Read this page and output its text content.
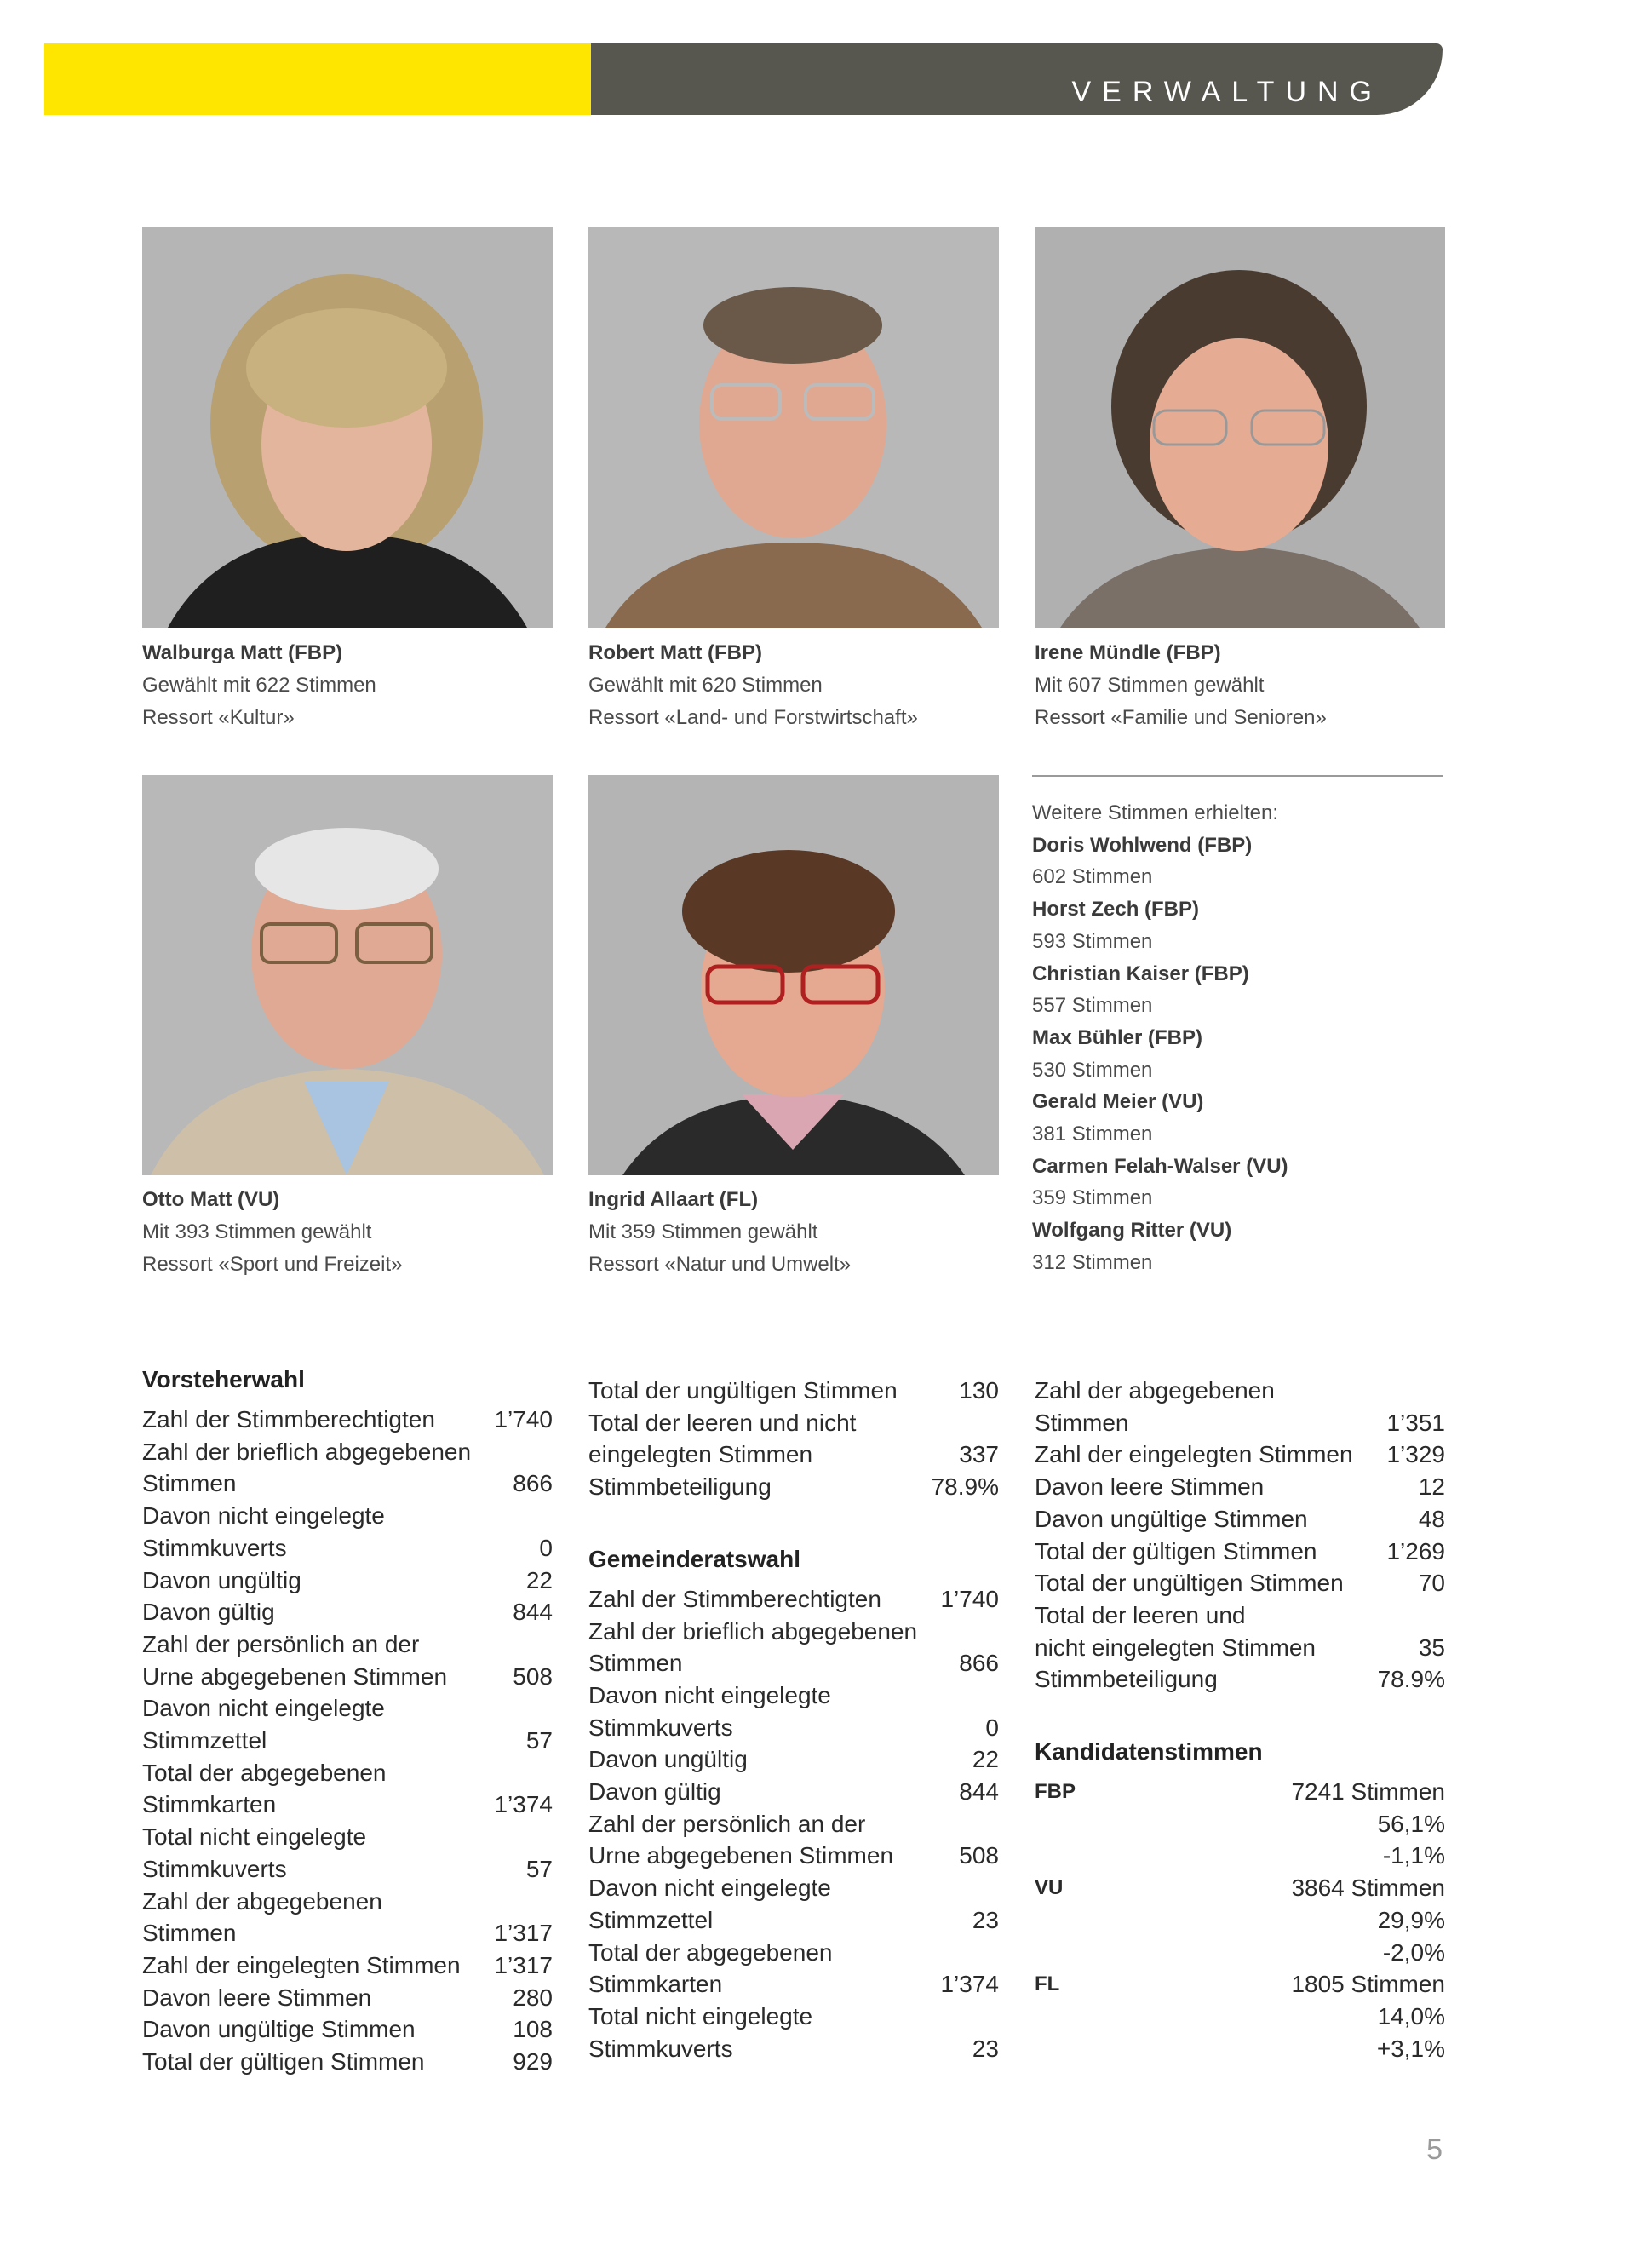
VERWALTUNG
Walburga Matt (FBP)
Gewählt mit 622 Stimmen
Ressort «Kultur»
Robert Matt (FBP)
Gewählt mit 620 Stimmen
Ressort «Land- und Forstwirtschaft»
Irene Mündle (FBP)
Mit 607 Stimmen gewählt
Ressort «Familie und Senioren»
Otto Matt (VU)
Mit 393 Stimmen gewählt
Ressort «Sport und Freizeit»
Ingrid Allaart (FL)
Mit 359 Stimmen gewählt
Ressort «Natur und Umwelt»
Weitere Stimmen erhielten:
Doris Wohlwend (FBP)
602 Stimmen
Horst Zech (FBP)
593 Stimmen
Christian Kaiser (FBP)
557 Stimmen
Max Bühler (FBP)
530 Stimmen
Gerald Meier (VU)
381 Stimmen
Carmen Felah-Walser (VU)
359 Stimmen
Wolfgang Ritter (VU)
312 Stimmen
Vorsteherwahl
Zahl der Stimmberechtigten	1’740
Zahl der brieflich abgegebenen
Stimmen	866
Davon nicht eingelegte
Stimmkuverts	0
Davon ungültig	22
Davon gültig	844
Zahl der persönlich an der
Urne abgegebenen Stimmen	508
Davon nicht eingelegte
Stimmzettel	57
Total der abgegebenen
Stimmkarten	1’374
Total nicht eingelegte
Stimmkuverts	57
Zahl der abgegebenen
Stimmen	1’317
Zahl der eingelegten Stimmen	1’317
Davon leere Stimmen	280
Davon ungültige Stimmen	108
Total der gültigen Stimmen	929
Total der ungültigen Stimmen	130
Total der leeren und nicht
eingelegten Stimmen	337
Stimmbeteiligung	78.9%
Gemeinderatswahl
Zahl der Stimmberechtigten	1’740
Zahl der brieflich abgegebenen
Stimmen	866
Davon nicht eingelegte
Stimmkuverts	0
Davon ungültig	22
Davon gültig	844
Zahl der persönlich an der
Urne abgegebenen Stimmen	508
Davon nicht eingelegte
Stimmzettel	23
Total der abgegebenen
Stimmkarten	1’374
Total nicht eingelegte
Stimmkuverts	23
Zahl der abgegebenen
Stimmen	1’351
Zahl der eingelegten Stimmen	1’329
Davon leere Stimmen	12
Davon ungültige Stimmen	48
Total der gültigen Stimmen	1’269
Total der ungültigen Stimmen	70
Total der leeren und
nicht eingelegten Stimmen	35
Stimmbeteiligung	78.9%
Kandidatenstimmen
FBP	7241 Stimmen
56,1%
-1,1%
VU	3864 Stimmen
29,9%
-2,0%
FL	1805 Stimmen
14,0%
+3,1%
5
